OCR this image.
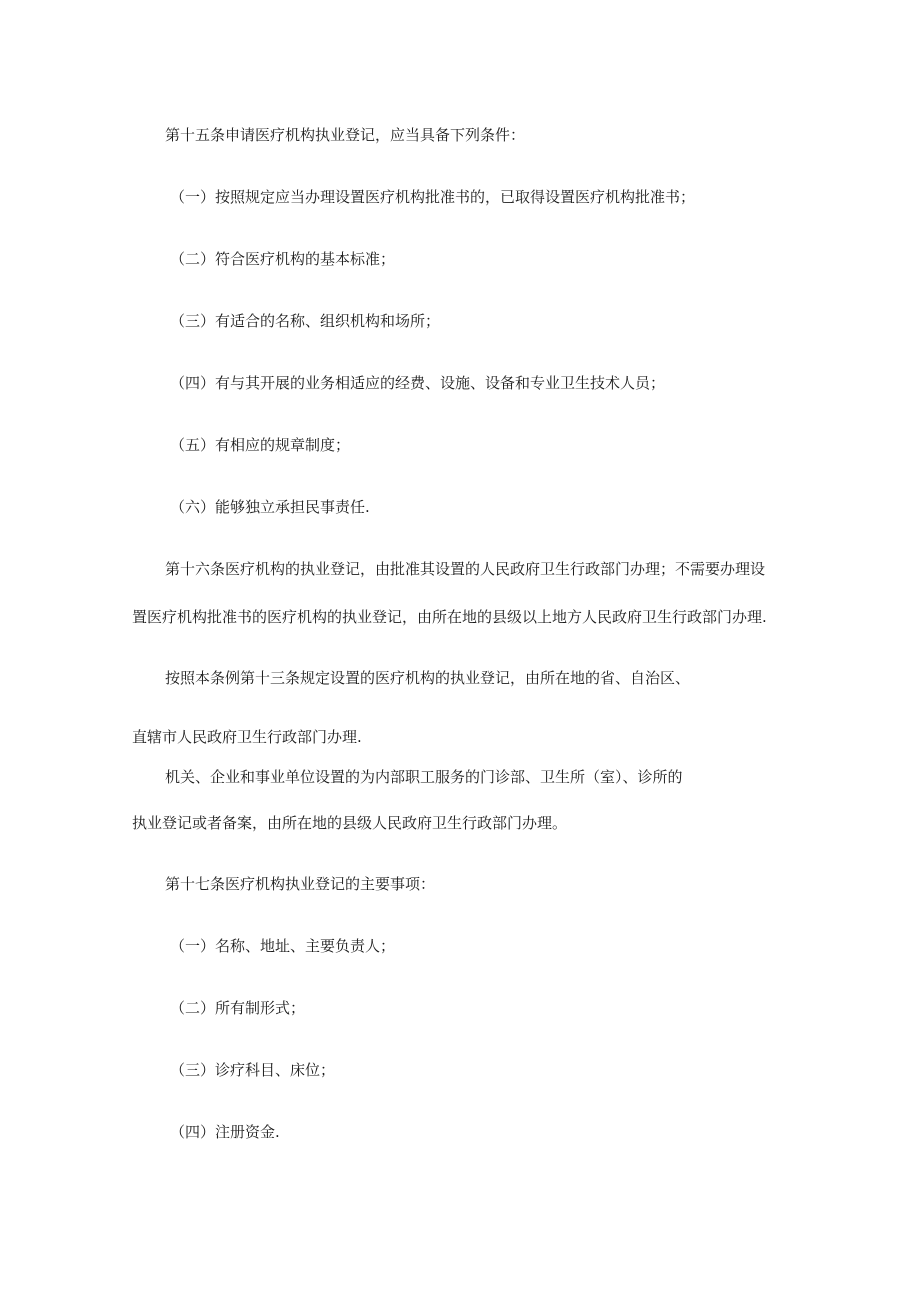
第十五条申请医疗机构执业登记，应当具备下列条件：
（一）按照规定应当办理设置医疗机构批准书的，已取得设置医疗机构批准书；
（二）符合医疗机构的基本标准；
（三）有适合的名称、组织机构和场所；
（四）有与其开展的业务相适应的经费、设施、设备和专业卫生技术人员；
（五）有相应的规章制度；
（六）能够独立承担民事责任.
第十六条医疗机构的执业登记，由批准其设置的人民政府卫生行政部门办理；不需要办理设
置医疗机构批准书的医疗机构的执业登记，由所在地的县级以上地方人民政府卫生行政部门办理.
按照本条例第十三条规定设置的医疗机构的执业登记，由所在地的省、自治区、
直辖市人民政府卫生行政部门办理.
机关、企业和事业单位设置的为内部职工服务的门诊部、卫生所（室）、诊所的
执业登记或者备案，由所在地的县级人民政府卫生行政部门办理。
第十七条医疗机构执业登记的主要事项：
（一）名称、地址、主要负责人；
（二）所有制形式；
（三）诊疗科目、床位；
（四）注册资金.
